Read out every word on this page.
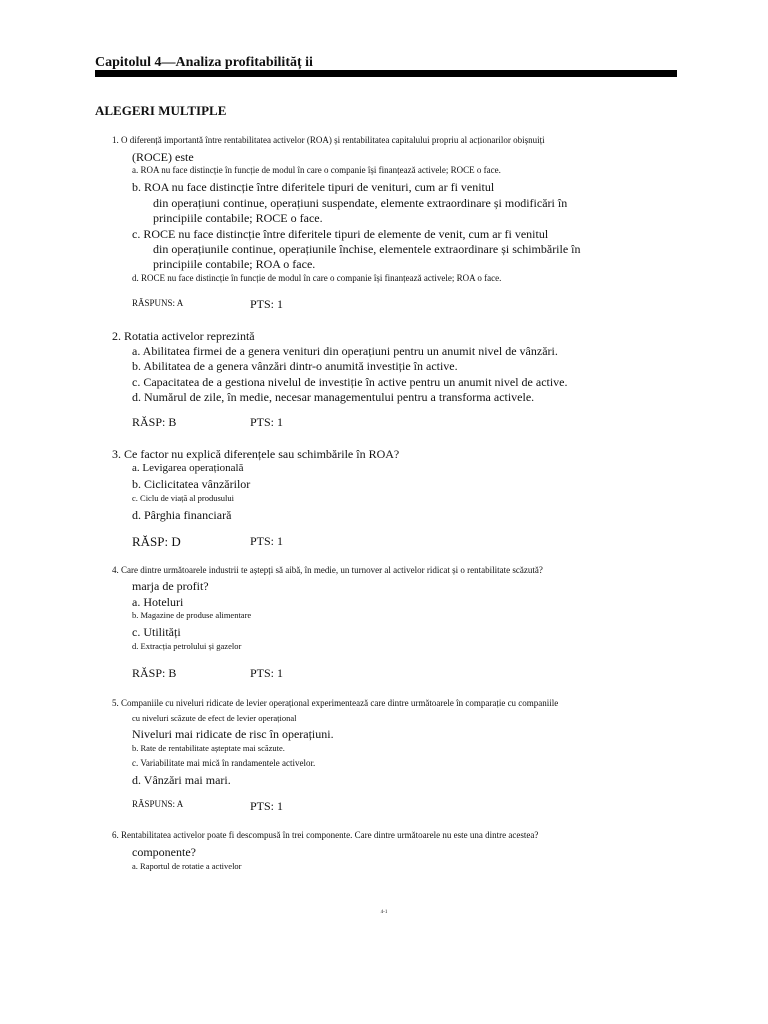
Capitolul 4—Analiza profitabilităț ii
ALEGERI MULTIPLE
1. O diferență importantă între rentabilitatea activelor (ROA) și rentabilitatea capitalului propriu al acționarilor obișnuiți
(ROCE) este
a. ROA nu face distincție în funcție de modul în care o companie își finanțează activele; ROCE o face.
b. ROA nu face distincție între diferitele tipuri de venituri, cum ar fi venitul
din operațiuni continue, operațiuni suspendate, elemente extraordinare și modificări în
principiile contabile; ROCE o face.
c. ROCE nu face distincție între diferitele tipuri de elemente de venit, cum ar fi venitul
din operațiunile continue, operațiunile închise, elementele extraordinare și schimbările în
principiile contabile; ROA o face.
d. ROCE nu face distincție în funcție de modul în care o companie își finanțează activele; ROA o face.
RĂSPUNS: A	PTS: 1
2. Rotatia activelor reprezintă
a. Abilitatea firmei de a genera venituri din operațiuni pentru un anumit nivel de vânzări.
b. Abilitatea de a genera vânzări dintr-o anumită investiție în active.
c. Capacitatea de a gestiona nivelul de investiție în active pentru un anumit nivel de active.
d. Numărul de zile, în medie, necesar managementului pentru a transforma activele.
RĂSP: B	PTS: 1
3. Ce factor nu explică diferențele sau schimbările în ROA?
a. Levigarea operațională
b. Ciclicitatea vânzărilor
c. Ciclu de viață al produsului
d. Pârghia financiară
RĂSP: D	PTS: 1
4. Care dintre următoarele industrii te aștepți să aibă, în medie, un turnover al activelor ridicat și o rentabilitate scăzută?
marja de profit?
a. Hoteluri
b. Magazine de produse alimentare
c. Utilități
d. Extracția petrolului și gazelor
RĂSP: B	PTS: 1
5. Companiile cu niveluri ridicate de levier operațional experimentează care dintre următoarele în comparație cu companiile
cu niveluri scăzute de efect de levier operațional
Niveluri mai ridicate de risc în operațiuni.
b. Rate de rentabilitate așteptate mai scăzute.
c. Variabilitate mai mică în randamentele activelor.
d. Vânzări mai mari.
RĂSPUNS: A	PTS: 1
6. Rentabilitatea activelor poate fi descompusă în trei componente. Care dintre următoarele nu este una dintre acestea?
componente?
a. Raportul de rotatie a activelor
4-1
